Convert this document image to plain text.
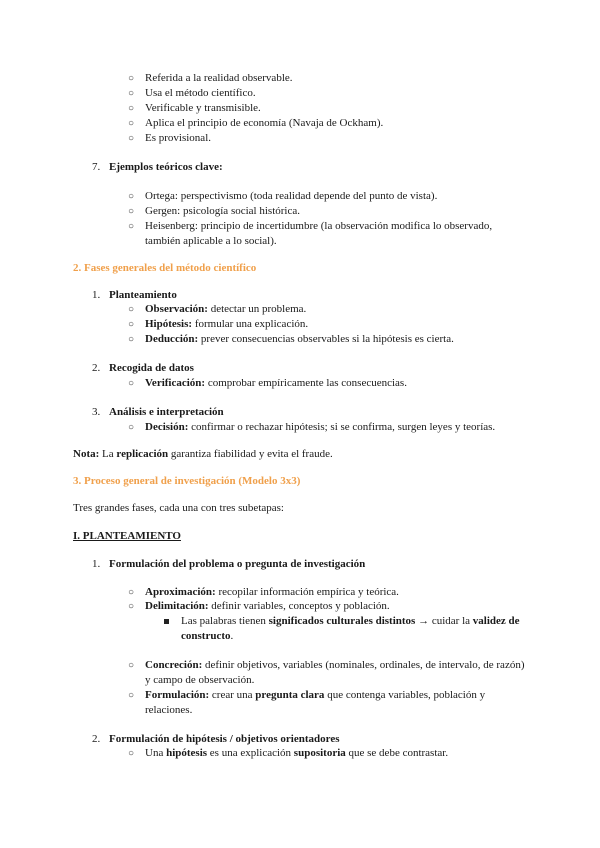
○ Referida a la realidad observable.
○ Usa el método científico.
○ Verificable y transmisible.
○ Aplica el principio de economía (Navaja de Ockham).
○ Es provisional.
7. Ejemplos teóricos clave:
○ Ortega: perspectivismo (toda realidad depende del punto de vista).
○ Gergen: psicología social histórica.
○ Heisenberg: principio de incertidumbre (la observación modifica lo observado,
también aplicable a lo social).
2. Fases generales del método científico
1. Planteamiento
○ Observación: detectar un problema.
○ Hipótesis: formular una explicación.
○ Deducción: prever consecuencias observables si la hipótesis es cierta.
2. Recogida de datos
○ Verificación: comprobar empíricamente las consecuencias.
3. Análisis e interpretación
○ Decisión: confirmar o rechazar hipótesis; si se confirma, surgen leyes y teorías.
Nota: La replicación garantiza fiabilidad y evita el fraude.
3. Proceso general de investigación (Modelo 3x3)
Tres grandes fases, cada una con tres subetapas:
I. PLANTEAMIENTO
1. Formulación del problema o pregunta de investigación
○ Aproximación: recopilar información empírica y teórica.
○ Delimitación: definir variables, conceptos y población.
Las palabras tienen significados culturales distintos → cuidar la validez de
constructo.
○ Concreción: definir objetivos, variables (nominales, ordinales, de intervalo, de razón)
y campo de observación.
○ Formulación: crear una pregunta clara que contenga variables, población y
relaciones.
2. Formulación de hipótesis / objetivos orientadores
○ Una hipótesis es una explicación supositoria que se debe contrastar.
